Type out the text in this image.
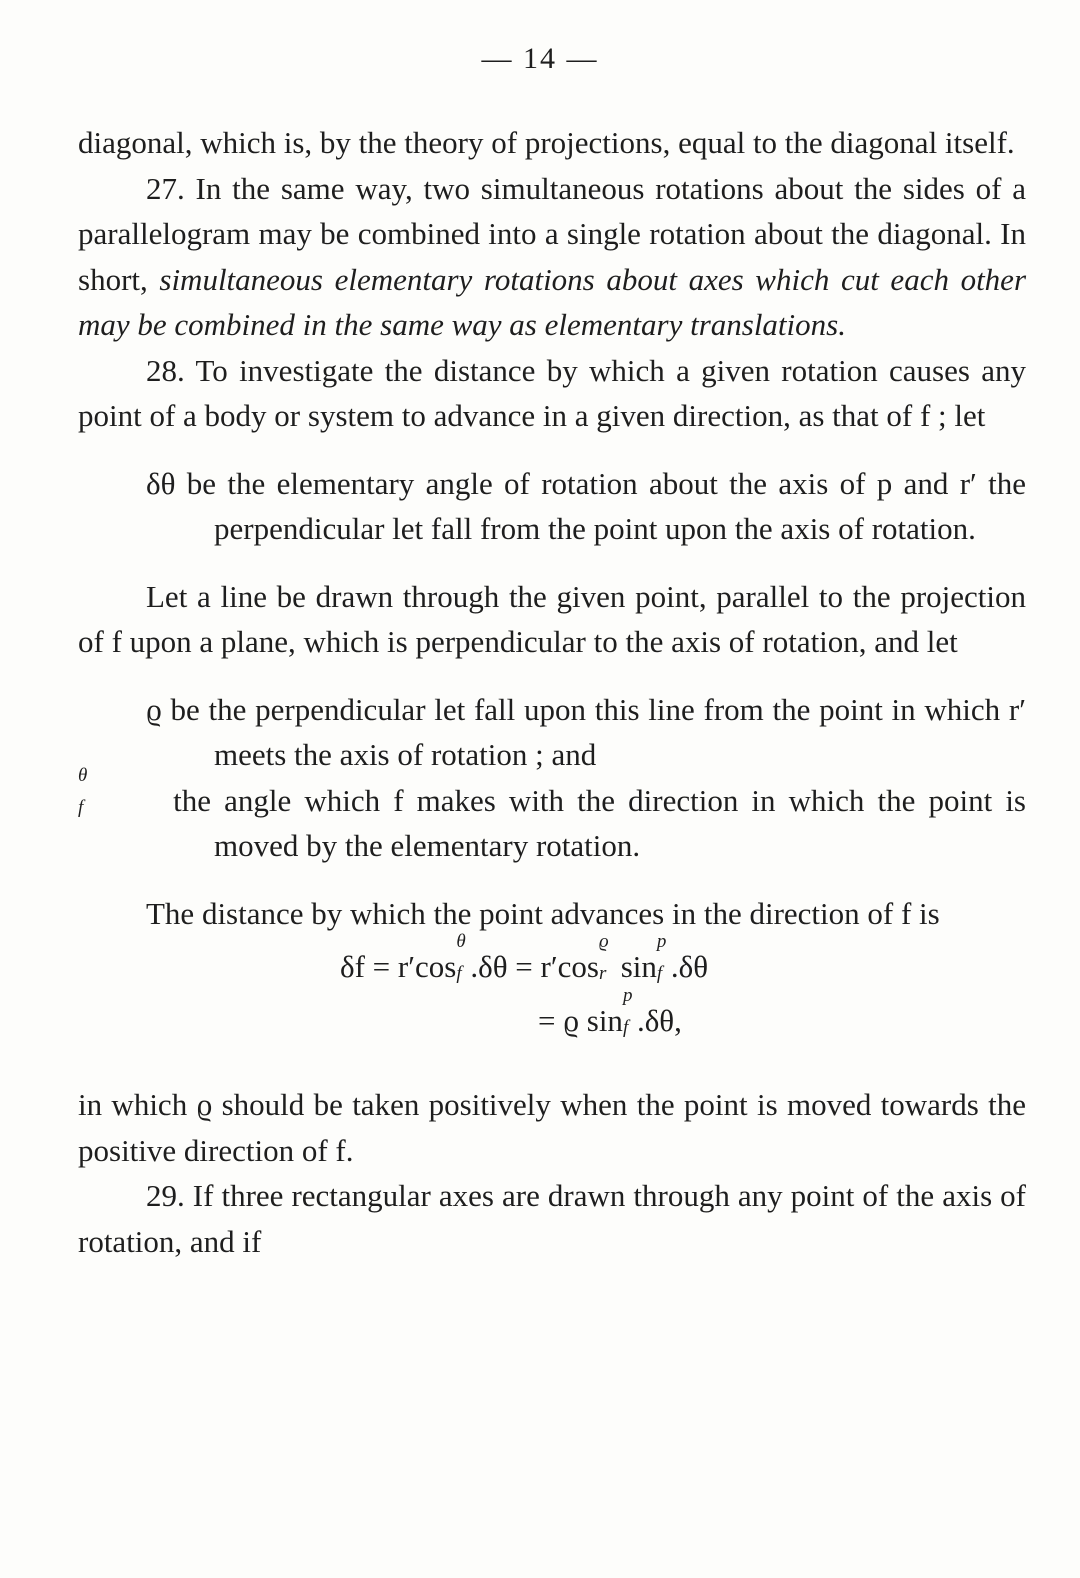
— 14 —

diagonal, which is, by the theory of projections, equal to the diagonal itself.

27. In the same way, two simultaneous rotations about the sides of a parallelogram may be combined into a single rotation about the diagonal. In short, simultaneous elementary rotations about axes which cut each other may be combined in the same way as elementary translations.

28. To investigate the distance by which a given rotation causes any point of a body or system to advance in a given direction, as that of f ; let

δθ be the elementary angle of rotation about the axis of p and r′ the perpendicular let fall from the point upon the axis of rotation.

Let a line be drawn through the given point, parallel to the projection of f upon a plane, which is perpendicular to the axis of rotation, and let

ϱ be the perpendicular let fall upon this line from the point in which r′ meets the axis of rotation ; and

θ
f	the angle which f makes with the direction in which the point is moved by the elementary rotation.

The distance by which the point advances in the direction of f is

δf = r′cos
θ
f .δθ = r′cos
ϱ
r sin
p
f .δθ
= ϱ sin
p
f .δθ,

in which ϱ should be taken positively when the point is moved towards the positive direction of f.

29. If three rectangular axes are drawn through any point of the axis of rotation, and if
